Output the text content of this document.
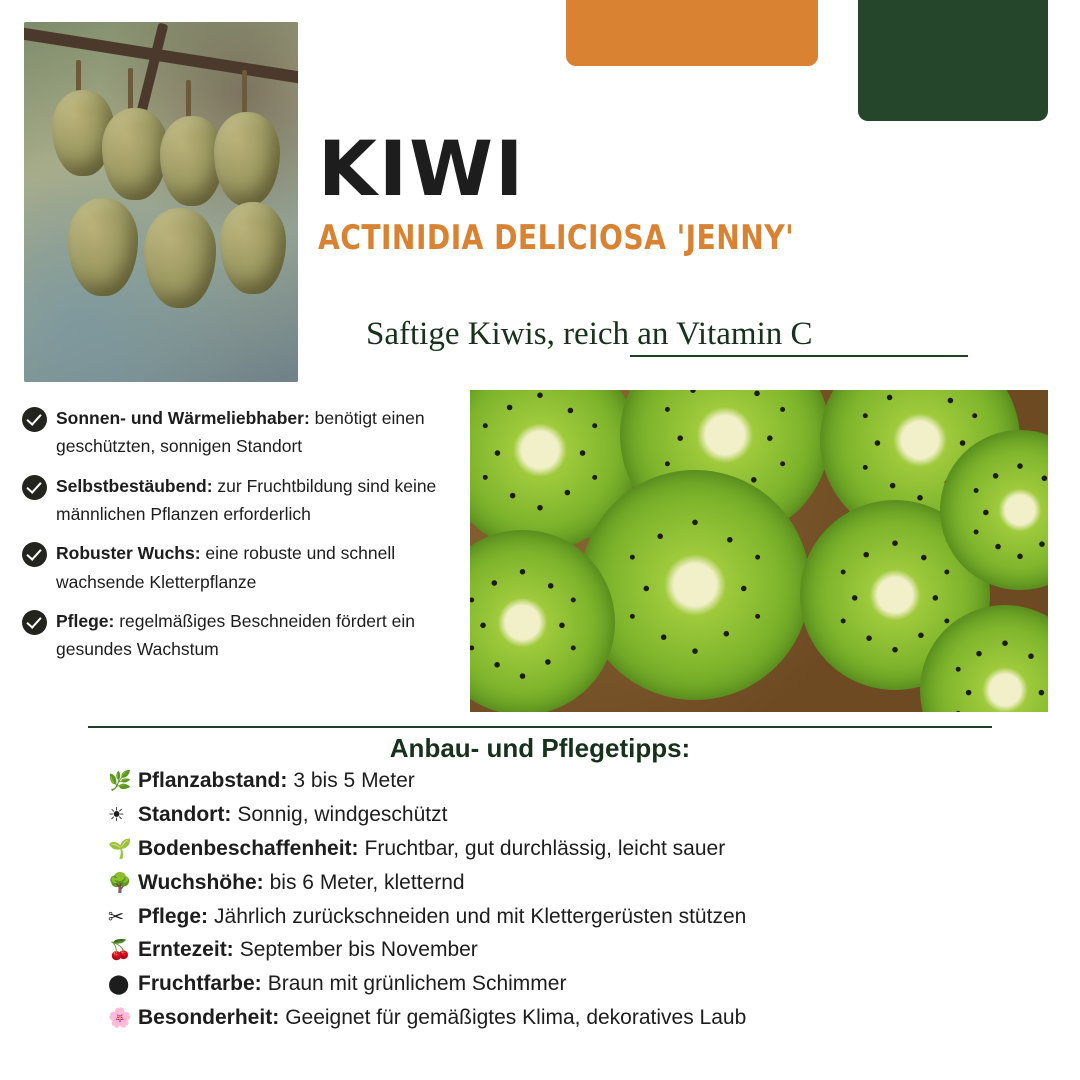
KIWI
ACTINIDIA DELICIOSA 'JENNY'

Saftige Kiwis, reich an Vitamin C

Sonnen- und Wärmeliebhaber: benötigt einen geschützten, sonnigen Standort
Selbstbestäubend: zur Fruchtbildung sind keine männlichen Pflanzen erforderlich
Robuster Wuchs: eine robuste und schnell wachsende Kletterpflanze
Pflege: regelmäßiges Beschneiden fördert ein gesundes Wachstum
Anbau- und Pflegetipps:
🌿 Pflanzabstand: 3 bis 5 Meter
☀ Standort: Sonnig, windgeschützt
🌱 Bodenbeschaffenheit: Fruchtbar, gut durchlässig, leicht sauer
🌳 Wuchshöhe: bis 6 Meter, kletternd
✂ Pflege: Jährlich zurückschneiden und mit Klettergerüsten stützen
🍒 Erntezeit: September bis November
⬤ Fruchtfarbe: Braun mit grünlichem Schimmer
🌸 Besonderheit: Geeignet für gemäßigtes Klima, dekoratives Laub
